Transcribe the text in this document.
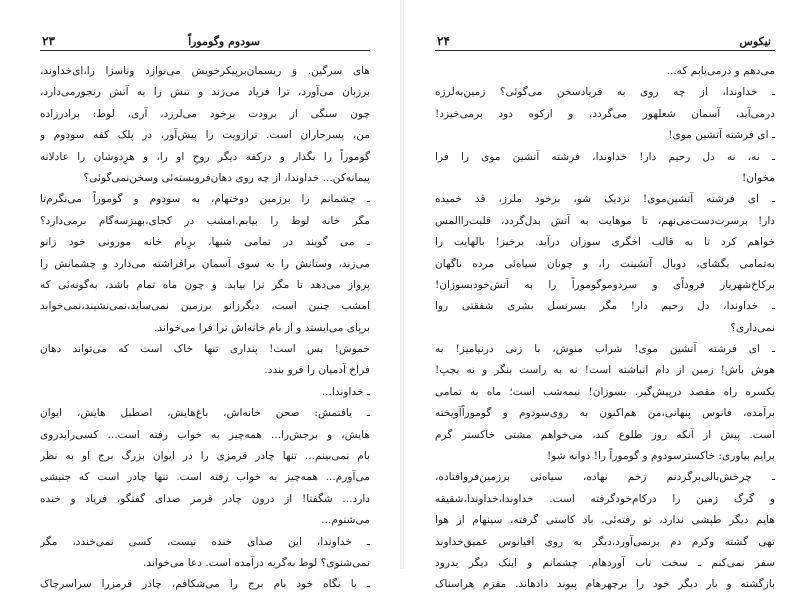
سودوم وگوموراً
۲۳
های سرگین. وَ ریسمان‌برپیکرخویش می‌نوازد وناسزا را،‌ای‌خداوند،
برزبان می‌آورد، ترا فریاد می‌زند و تنش را به آتش رنجورمی‌دارد،
چون سنگی از برودت برخود می‌لرزد، آری، لوط: برادرزاده
من، پسرحاران است. ترازویت را پیش‌آور، در پلک کفه سودوم و
گوموراً را بگذار و درکفه دیگر روحِ او را، و هرِدوشان را عادلانه
پیمانه‌کن... خداوندا، از چه روی دهان‌فروبسته‌ئی وسخن‌نمی‌گوئی؟
ـ چشمانم را برزمین دوختهام، به سودوم و گوموراً می‌نگرم‌تا
مگر خانه لوط را بیابم.امشب در کجای،بهبزسه‌گام برمی‌دارد؟
ـ می گویند در تمامی شبها، برِبام خانه مورونی خود زانو
می‌زند، وستانش را به سوی آسمان برافراشته می‌دارد و چشمانش را
پرواز می‌دهد تا مگر ترا بیابد. و چون ماه تمام باشد، به‌گونه‌ئی که
امشب چنین است، دیگرزانو برزمین نمی‌ساید،نمی‌نشیند،نمی‌خوابد
برپای می‌ایستد و از بام خانه‌اش ترا فرا می‌خواند.
خموش! بس است! پنداری تنها خاک است که می‌تواند دهان
فراخ آدمیان را فرو بندد.
ـ خداوندا...
ـ یافتمش: صحن خانه‌اش، باغ‌هایش، اصطبل هایش، ایوان
هایش، و برجش‌را... همه‌چیز به خواب رفته است... کسی‌رابدروی
بام نمی‌بینم... تنها چادر قرمزی را در ایوان بزرگ برج او به نظر
می‌آورم... همه‌چیز به خواب رفته است. تنها چادر است که جنبشی
دارد... شگفتا! از درون چادر قرمز صدای گفتگو، فریاد و خنده
می‌شنوم...
ـ خداوندا، این صدای خنده نیست، کسی نمی‌خندد، مگر
نمی‌شنوی؟ لوط به‌گریه درآمده است. دعا می‌خواند.
ـ با نگاه خود بام برج را می‌شکافم، چادر قرمزرا سراسرچاک
نیکوس
۲۴
می‌دهم و درمی‌یابم که...
ـ خداوندا، از چه روی به فریادسخن می‌گوئی؟ زمین‌به‌لرزه
درمی‌آید، آسمان شعلهور می‌گردد، و ازکوه دود برمی‌خیزد!
ـ ای فرشته آتشین موی!
ـ نه، نه دل رحیم دار! خداوندا، فرشته آتشین موی را فرا
مخوان!
ـ ای فرشته آتشین‌موی! نزدیک شو، برخود ملرز، قد خمیده
دار! برسرت‌دست‌می‌نهم، تا موهایت به آتش بدل‌گردد، قلبت‌راالمس
خواهم کرد تا به قالب اخگری سوزان درآید. برخیز! بالهایت را
به‌تمامی بگشای، دوبال آتشینت را، و چونان سیاه‌ئی مرده ناگهان
برکاخ‌شهریار فروداًی و سردوموگوموراً را به آتش‌خودبسوزان!
ـ خداوندا، دل رحیم دار! مگر بسرنسل بشری شفقتی روا
نمی‌داری؟
ـ ای فرشته آتشین موی! شراب منوش، با زنی درنیامیز! به
هوش باش! زمین از دام انباشته است! نه به راست بنگر و نه بچپ!
یکسره راه مقصد درپیش‌گیر. بسوزان! نیمه‌شب است؛ ماه به تمامی
برآمده، فانوس پنهانی،من هم‌اکنون به روی‌سودوم و گوموراًآویخته
است. پیش از آنکه روز طلوع کند، می‌خواهم مشتی خاکستر گرم
برایم بیاوری: خاکسترسودوم و گوموراً را! دوانه شو!
ـ چرخش‌بالی‌برگردنم زخم نهاده، سیاه‌ئی برزمین‌فروافتاده،
و گرگ زمین را درکام‌خودگرفته است. خداوندا،خداوندا،شقیقه
هایم دیگر طپشی ندارد، تو رفته‌ئی. باد کاستی گرفته، سینهام از هوا
تهی گشته وکرم دم برنمی‌آورد،دیگر به روی اقیانوس عمیق‌خداوند
سفر نمی‌کنم ـ سخت تاب آوردهام. چشمانم و اینک دیگر بدرود
بازگشته و بار دیگر خود را برچهرهام پیوند دادهاند. مفزم هراسناک
